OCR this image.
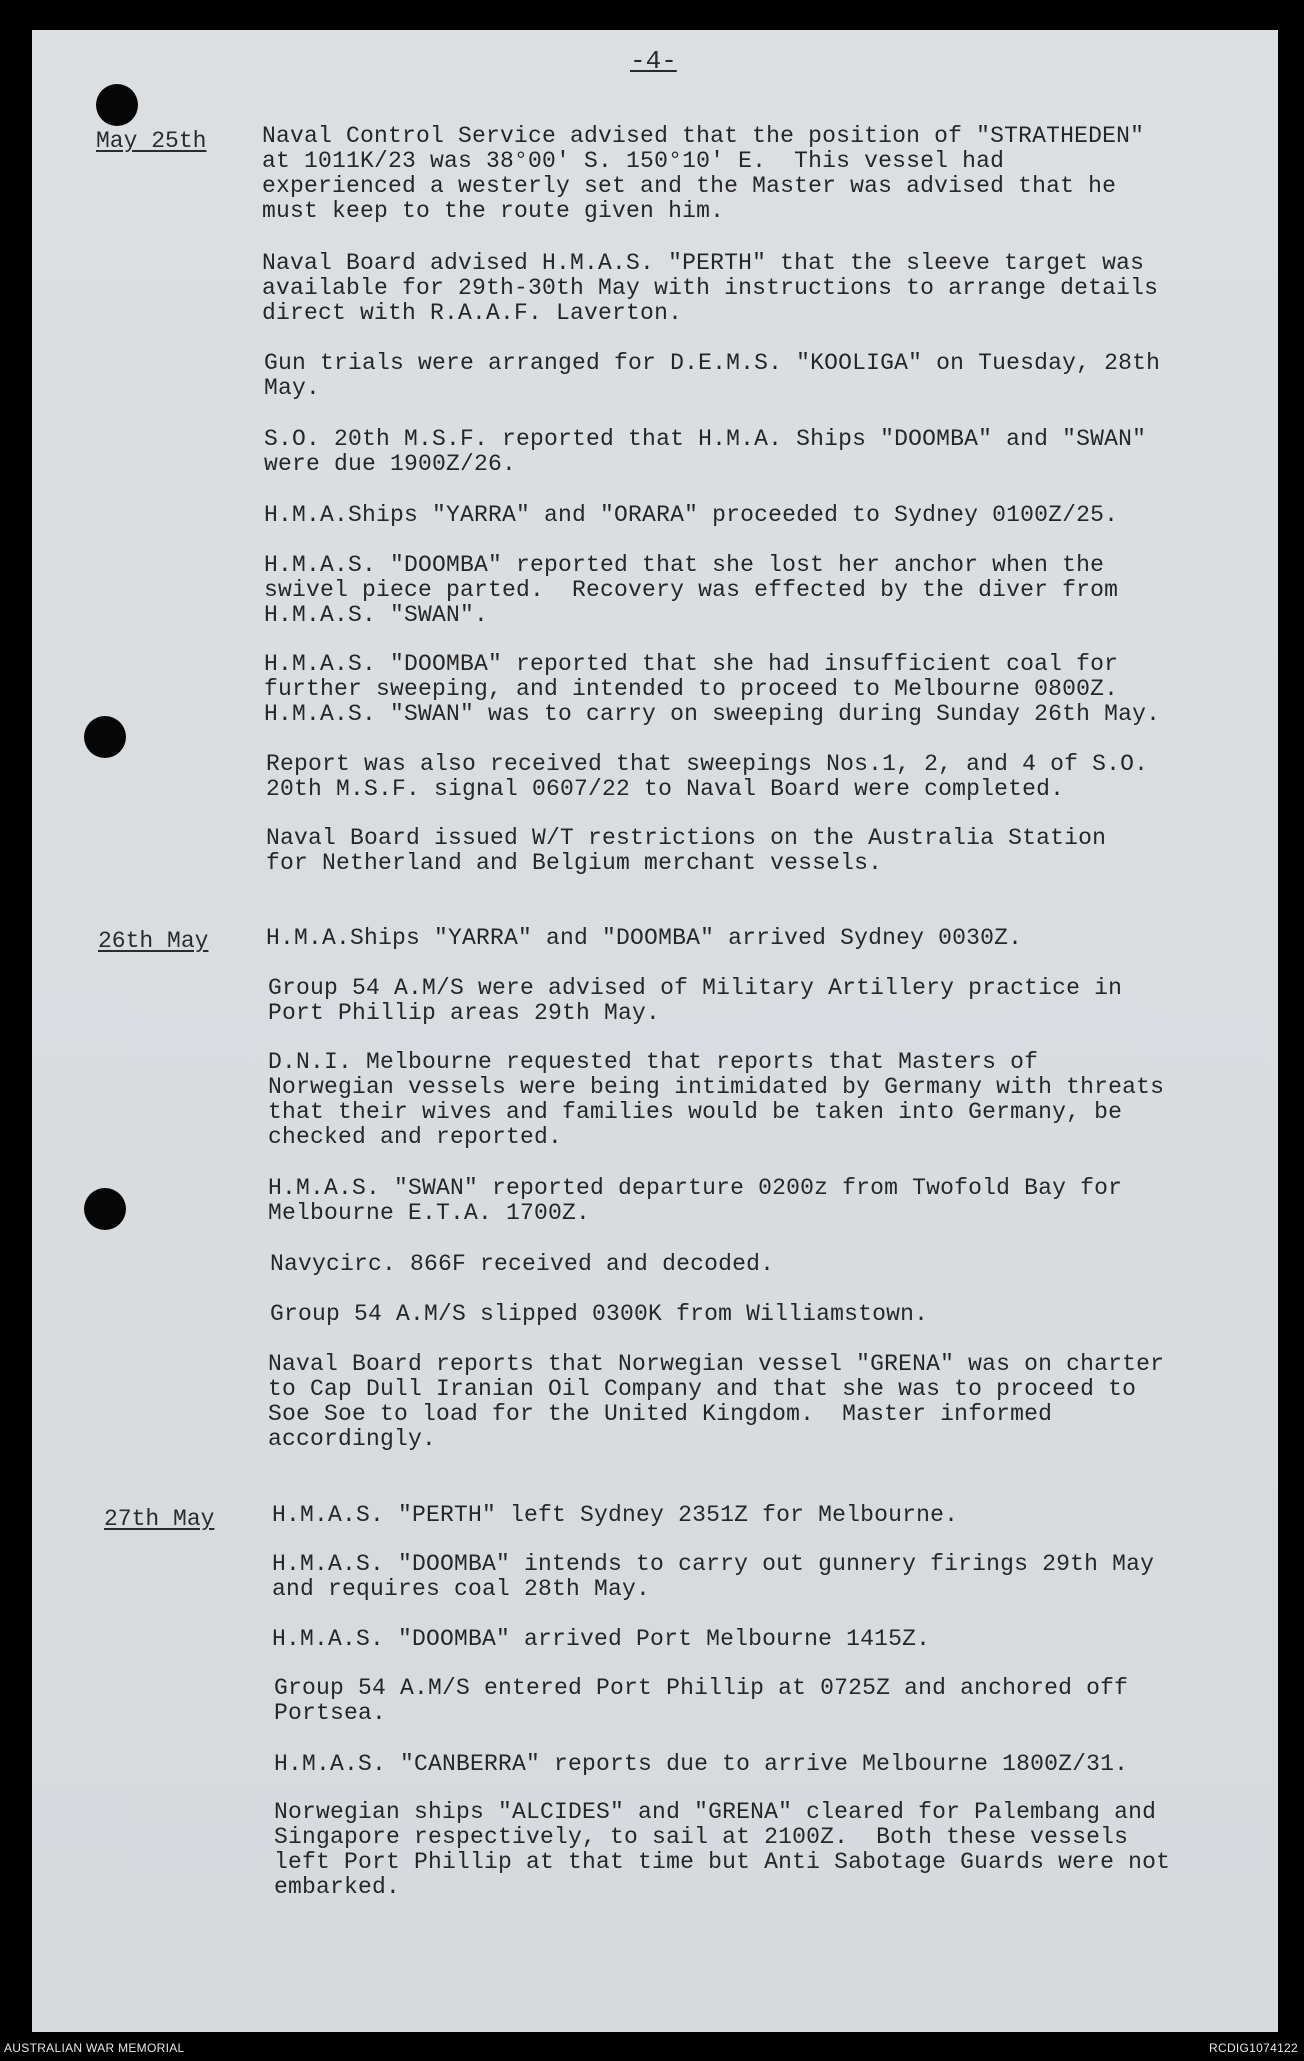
-4-
May 25th Naval Control Service advised that the position of "STRATHEDEN"
at 1011K/23 was 38°00' S. 150°10' E.  This vessel had
experienced a westerly set and the Master was advised that he
must keep to the route given him.
Naval Board advised H.M.A.S. "PERTH" that the sleeve target was
available for 29th-30th May with instructions to arrange details
direct with R.A.A.F. Laverton.
Gun trials were arranged for D.E.M.S. "KOOLIGA" on Tuesday, 28th
May.
S.O. 20th M.S.F. reported that H.M.A. Ships "DOOMBA" and "SWAN"
were due 1900Z/26.
H.M.A.Ships "YARRA" and "ORARA" proceeded to Sydney 0100Z/25.
H.M.A.S. "DOOMBA" reported that she lost her anchor when the
swivel piece parted.  Recovery was effected by the diver from
H.M.A.S. "SWAN".
H.M.A.S. "DOOMBA" reported that she had insufficient coal for
further sweeping, and intended to proceed to Melbourne 0800Z.
H.M.A.S. "SWAN" was to carry on sweeping during Sunday 26th May.
Report was also received that sweepings Nos.1, 2, and 4 of S.O.
20th M.S.F. signal 0607/22 to Naval Board were completed.
Naval Board issued W/T restrictions on the Australia Station
for Netherland and Belgium merchant vessels.
26th May	H.M.A.Ships "YARRA" and "DOOMBA" arrived Sydney 0030Z.
Group 54 A.M/S were advised of Military Artillery practice in
Port Phillip areas 29th May.
D.N.I. Melbourne requested that reports that Masters of
Norwegian vessels were being intimidated by Germany with threats
that their wives and families would be taken into Germany, be
checked and reported.
H.M.A.S. "SWAN" reported departure 0200z from Twofold Bay for
Melbourne E.T.A. 1700Z.
Navycirc. 866F received and decoded.
Group 54 A.M/S slipped 0300K from Williamstown.
Naval Board reports that Norwegian vessel "GRENA" was on charter
to Cap Dull Iranian Oil Company and that she was to proceed to
Soe Soe to load for the United Kingdom.  Master informed
accordingly.
27th May	H.M.A.S. "PERTH" left Sydney 2351Z for Melbourne.
H.M.A.S. "DOOMBA" intends to carry out gunnery firings 29th May
and requires coal 28th May.
H.M.A.S. "DOOMBA" arrived Port Melbourne 1415Z.
Group 54 A.M/S entered Port Phillip at 0725Z and anchored off
Portsea.
H.M.A.S. "CANBERRA" reports due to arrive Melbourne 1800Z/31.
Norwegian ships "ALCIDES" and "GRENA" cleared for Palembang and
Singapore respectively, to sail at 2100Z.  Both these vessels
left Port Phillip at that time but Anti Sabotage Guards were not
embarked.
AUSTRALIAN WAR MEMORIAL	RCDIG1074122
